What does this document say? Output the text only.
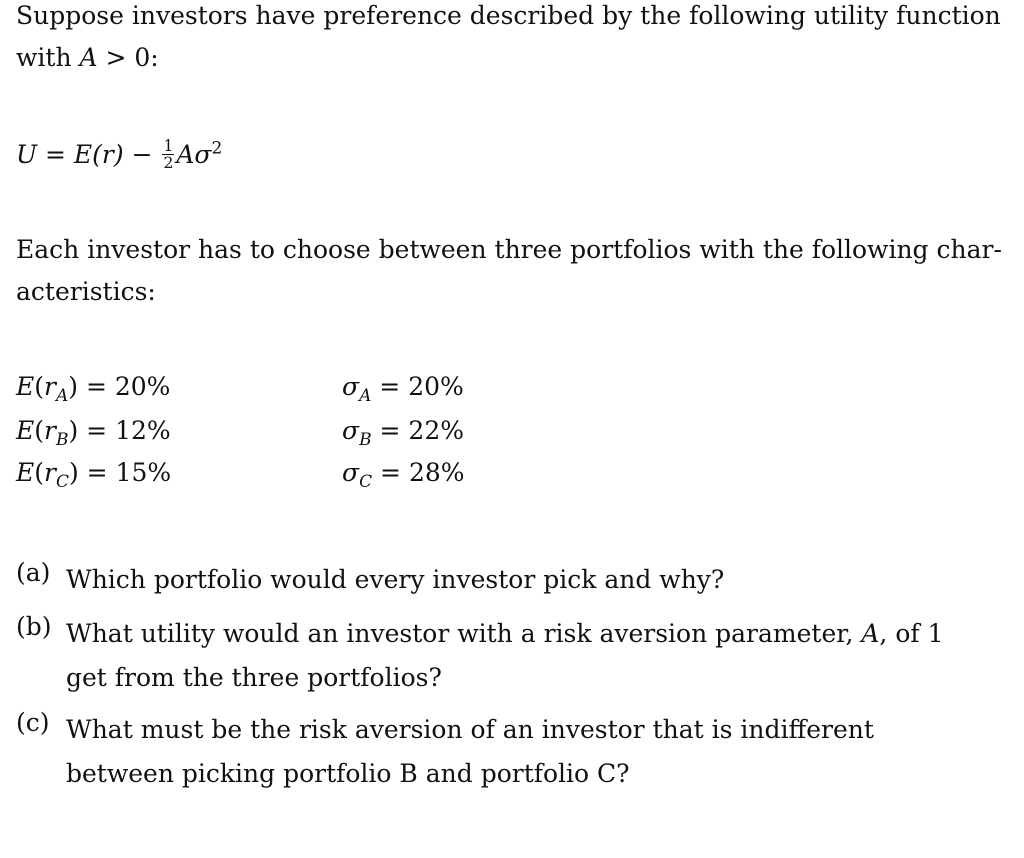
Suppose investors have preference described by the following utility function
with A > 0:
$U = E(r) - \frac{1}{2} A\sigma^2$
Each investor has to choose between three portfolios with the following char-
acteristics:
$E(r_A) = 20\%$
$E(r_B) = 12\%$
$E(r_C) = 15\%$
$\sigma_A = 20\%$
$\sigma_B = 22\%$
$\sigma_C = 28\%$
(a) Which portfolio would every investor pick and why?
(b) What utility would an investor with a risk aversion parameter, A, of 1 get from the three portfolios?
(c) What must be the risk aversion of an investor that is indifferent between picking portfolio B and portfolio C?
